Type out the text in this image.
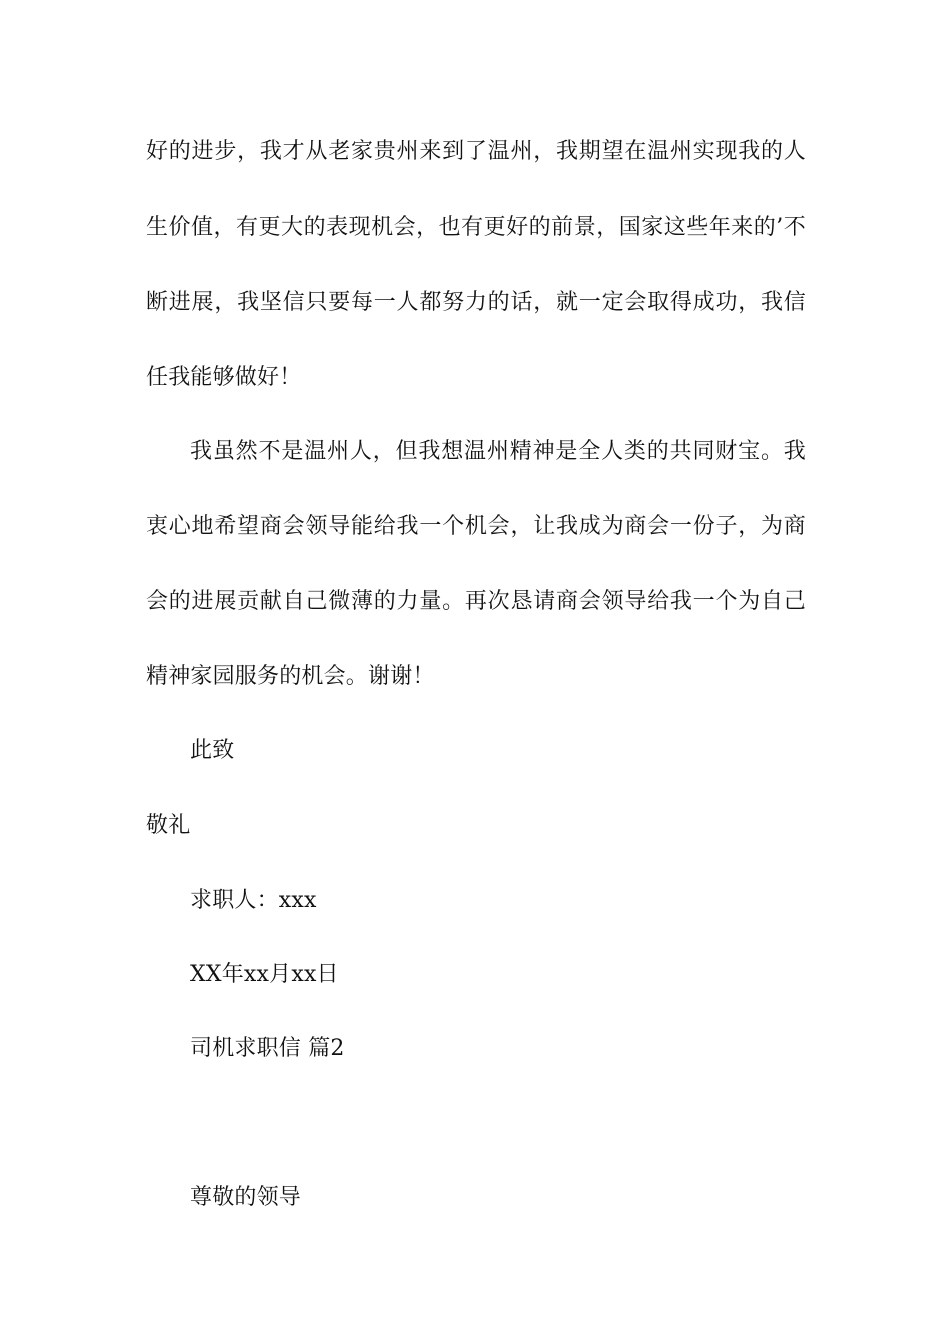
好的进步，我才从老家贵州来到了温州，我期望在温州实现我的人
生价值，有更大的表现机会，也有更好的前景，国家这些年来的’不
断进展，我坚信只要每一人都努力的话，就一定会取得成功，我信
任我能够做好！
我虽然不是温州人，但我想温州精神是全人类的共同财宝。我
衷心地希望商会领导能给我一个机会，让我成为商会一份子，为商
会的进展贡献自己微薄的力量。再次恳请商会领导给我一个为自己
精神家园服务的机会。谢谢！
此致
敬礼
求职人：xxx
XX年xx月xx日
司机求职信 篇2
尊敬的领导
